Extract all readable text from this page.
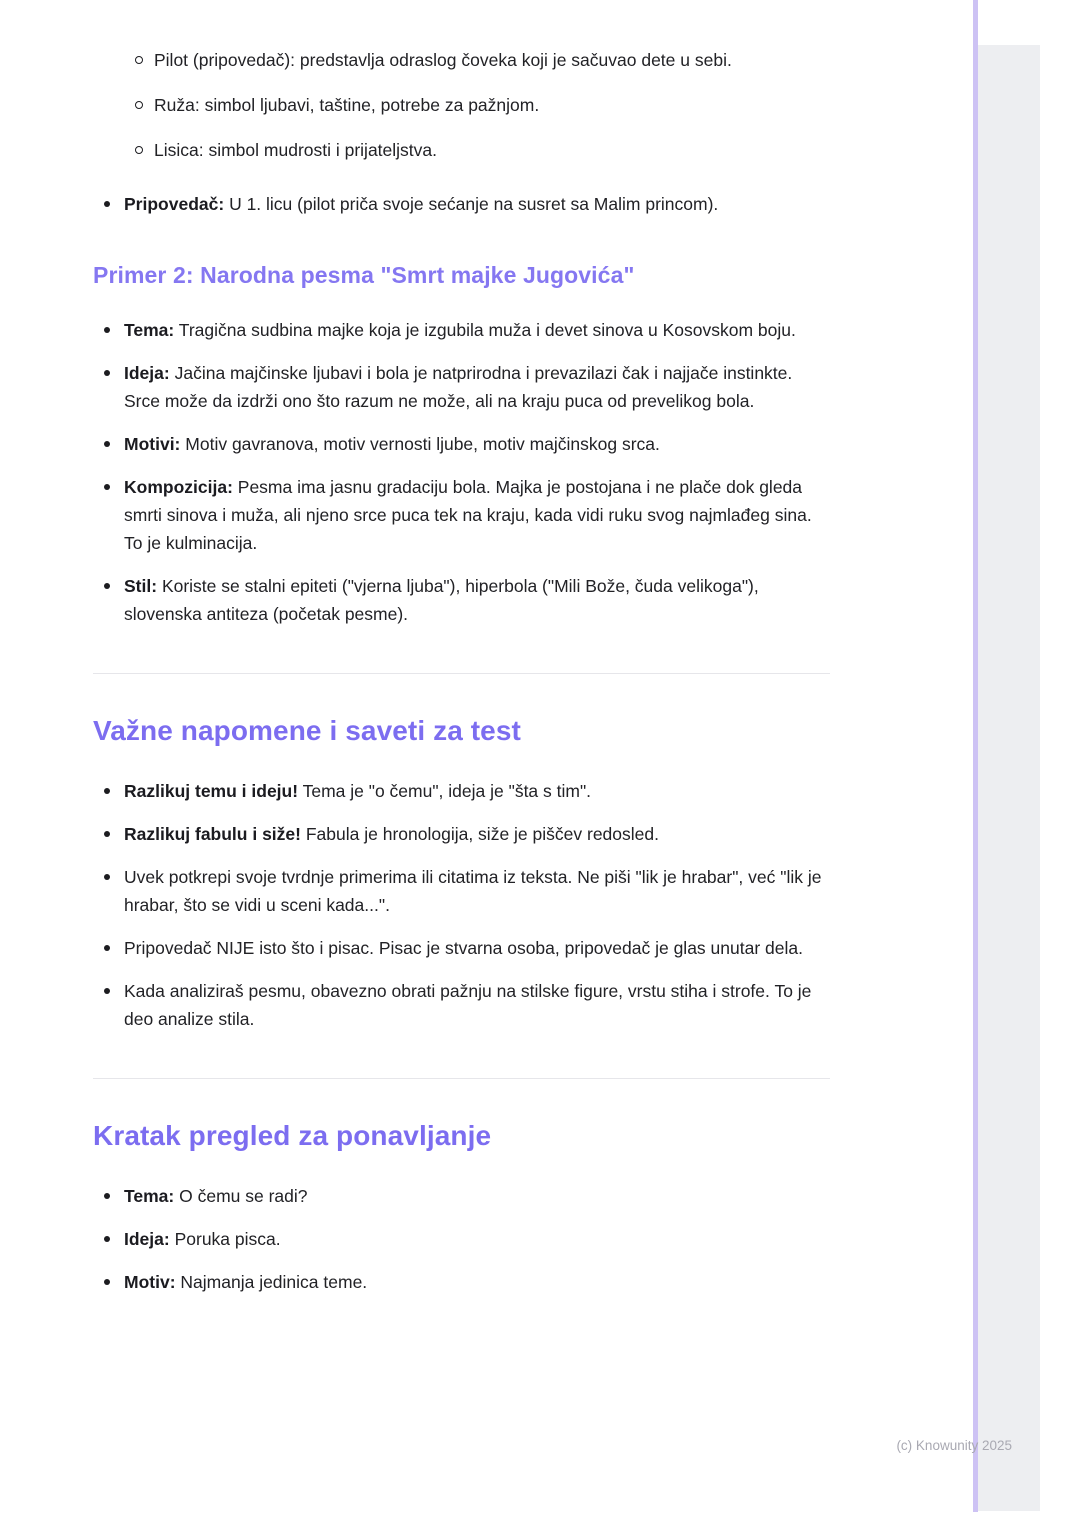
Pilot (pripovedač): predstavlja odraslog čoveka koji je sačuvao dete u sebi.

Ruža: simbol ljubavi, taštine, potrebe za pažnjom.

Lisica: simbol mudrosti i prijateljstva.

Pripovedač: U 1. licu (pilot priča svoje sećanje na susret sa Malim princom).

Primer 2: Narodna pesma "Smrt majke Jugovića"

Tema: Tragična sudbina majke koja je izgubila muža i devet sinova u Kosovskom boju.

Ideja: Jačina majčinske ljubavi i bola je natprirodna i prevazilazi čak i najjače instinkte. Srce može da izdrži ono što razum ne može, ali na kraju puca od prevelikog bola.

Motivi: Motiv gavranova, motiv vernosti ljube, motiv majčinskog srca.

Kompozicija: Pesma ima jasnu gradaciju bola. Majka je postojana i ne plače dok gleda smrti sinova i muža, ali njeno srce puca tek na kraju, kada vidi ruku svog najmlađeg sina. To je kulminacija.

Stil: Koriste se stalni epiteti ("vjerna ljuba"), hiperbola ("Mili Bože, čuda velikoga"), slovenska antiteza (početak pesme).

Važne napomene i saveti za test

Razlikuj temu i ideju! Tema je "o čemu", ideja je "šta s tim".

Razlikuj fabulu i siže! Fabula je hronologija, siže je piščev redosled.

Uvek potkrepi svoje tvrdnje primerima ili citatima iz teksta. Ne piši "lik je hrabar", već "lik je hrabar, što se vidi u sceni kada...".

Pripovedač NIJE isto što i pisac. Pisac je stvarna osoba, pripovedač je glas unutar dela.

Kada analiziraš pesmu, obavezno obrati pažnju na stilske figure, vrstu stiha i strofe. To je deo analize stila.

Kratak pregled za ponavljanje

Tema: O čemu se radi?

Ideja: Poruka pisca.

Motiv: Najmanja jedinica teme.

(c) Knowunity 2025
